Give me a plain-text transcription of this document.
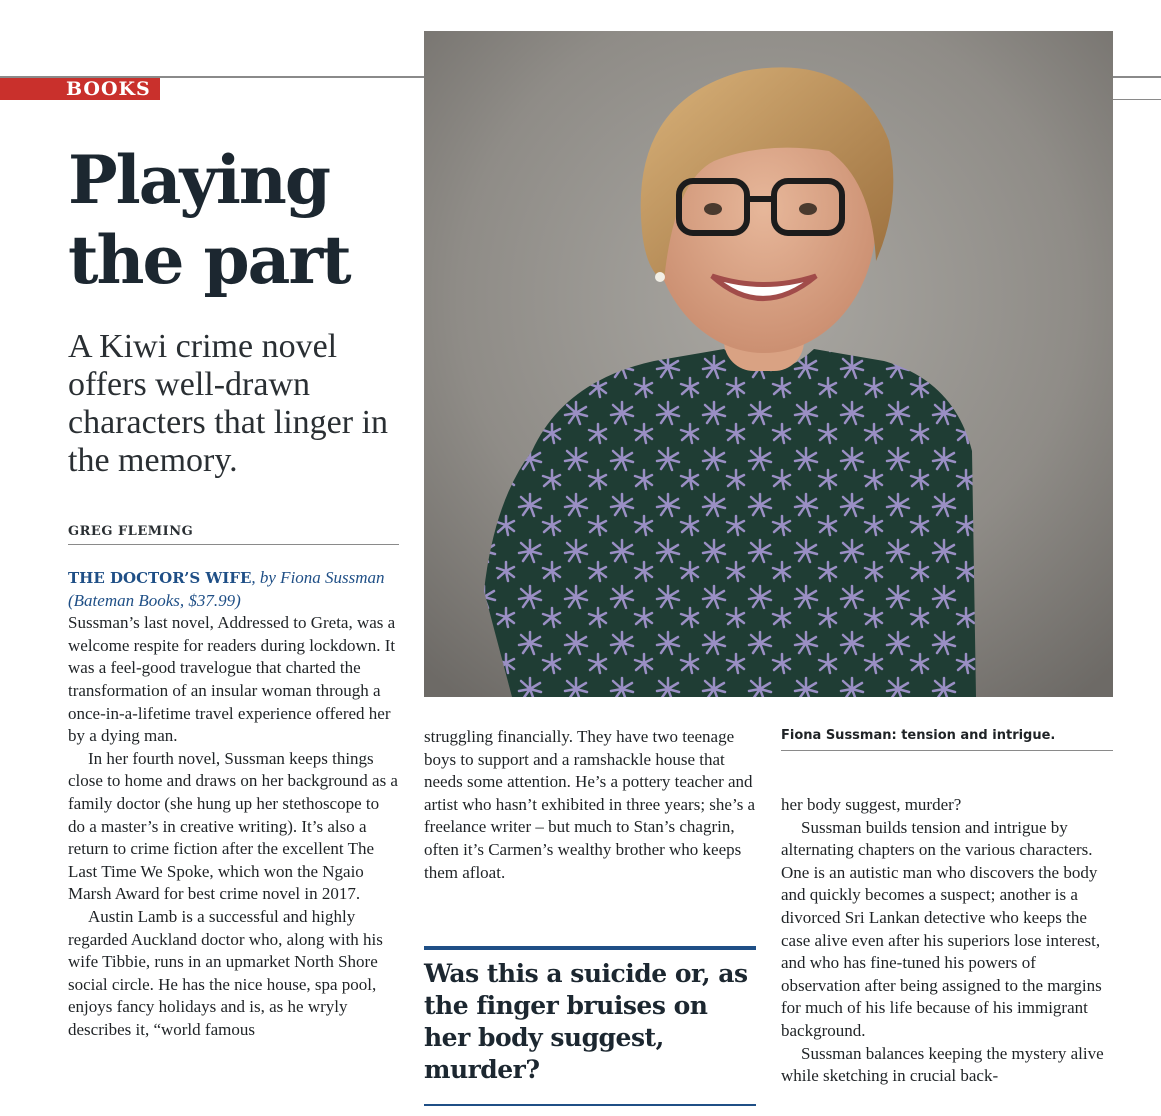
BOOKS
Playing
the part

A Kiwi crime novel offers well-drawn characters that linger in the memory.

GREG FLEMING

THE DOCTOR’S WIFE, by Fiona Sussman
(Bateman Books, $37.99)

Sussman’s last novel, Addressed to Greta, was a welcome respite for readers during lockdown. It was a feel-good travelogue that charted the transformation of an insular woman through a once-in-a-lifetime travel experience offered her by a dying man.

In her fourth novel, Sussman keeps things close to home and draws on her background as a family doctor (she hung up her stethoscope to do a master’s in creative writing). It’s also a return to crime fiction after the excellent The Last Time We Spoke, which won the Ngaio Marsh Award for best crime novel in 2017.

Austin Lamb is a successful and highly regarded Auckland doctor who, along with his wife Tibbie, runs in an upmarket North Shore social circle. He has the nice house, spa pool, enjoys fancy holidays and is, as he wryly describes it, “world famous

Fiona Sussman: tension and intrigue.

struggling financially. They have two teenage boys to support and a ramshackle house that needs some attention. He’s a pottery teacher and artist who hasn’t exhibited in three years; she’s a freelance writer – but much to Stan’s chagrin, often it’s Carmen’s wealthy brother who keeps them afloat.

Was this a suicide or, as the finger bruises on her body suggest, murder?

her body suggest, murder?

Sussman builds tension and intrigue by alternating chapters on the various characters. One is an autistic man who discovers the body and quickly becomes a suspect; another is a divorced Sri Lankan detective who keeps the case alive even after his superiors lose interest, and who has fine-tuned his powers of observation after being assigned to the margins for much of his life because of his immigrant background.

Sussman balances keeping the mystery alive while sketching in crucial back-
